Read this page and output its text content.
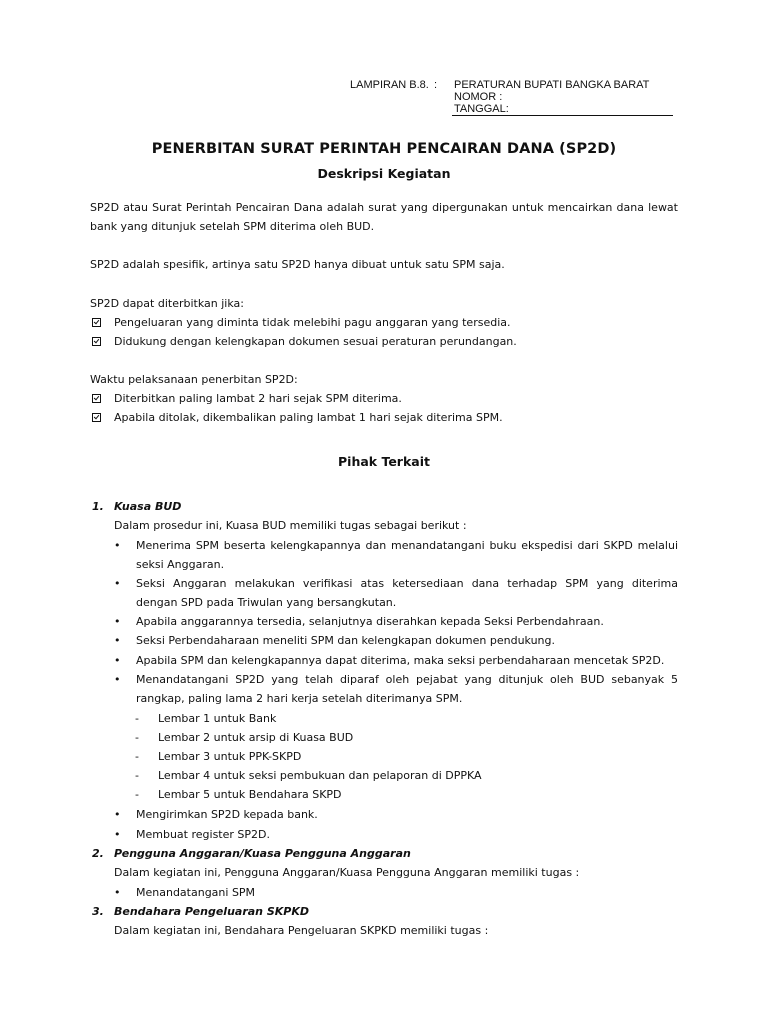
LAMPIRAN B.8. : PERATURAN BUPATI BANGKA BARAT
NOMOR :
TANGGAL:
PENERBITAN SURAT PERINTAH PENCAIRAN DANA (SP2D)
Deskripsi Kegiatan
SP2D atau Surat Perintah Pencairan Dana adalah surat yang dipergunakan untuk mencairkan dana lewat
bank yang ditunjuk setelah SPM diterima oleh BUD.
SP2D adalah spesifik, artinya satu SP2D hanya dibuat untuk satu SPM saja.
SP2D dapat diterbitkan jika:
Pengeluaran yang diminta tidak melebihi pagu anggaran yang tersedia.
Didukung dengan kelengkapan dokumen sesuai peraturan perundangan.
Waktu pelaksanaan penerbitan SP2D:
Diterbitkan paling lambat 2 hari sejak SPM diterima.
Apabila ditolak, dikembalikan paling lambat 1 hari sejak diterima SPM.
Pihak Terkait
1. Kuasa BUD
Dalam prosedur ini, Kuasa BUD memiliki tugas sebagai berikut :
• Menerima SPM beserta kelengkapannya dan menandatangani buku ekspedisi dari SKPD melalui
seksi Anggaran.
• Seksi Anggaran melakukan verifikasi atas ketersediaan dana terhadap SPM yang diterima
dengan SPD pada Triwulan yang bersangkutan.
• Apabila anggarannya tersedia, selanjutnya diserahkan kepada Seksi Perbendahraan.
• Seksi Perbendaharaan meneliti SPM dan kelengkapan dokumen pendukung.
• Apabila SPM dan kelengkapannya dapat diterima, maka seksi perbendaharaan mencetak SP2D.
• Menandatangani SP2D yang telah diparaf oleh pejabat yang ditunjuk oleh BUD sebanyak 5
rangkap, paling lama 2 hari kerja setelah diterimanya SPM.
- Lembar 1 untuk Bank
- Lembar 2 untuk arsip di Kuasa BUD
- Lembar 3 untuk PPK-SKPD
- Lembar 4 untuk seksi pembukuan dan pelaporan di DPPKA
- Lembar 5 untuk Bendahara SKPD
• Mengirimkan SP2D kepada bank.
• Membuat register SP2D.
2. Pengguna Anggaran/Kuasa Pengguna Anggaran
Dalam kegiatan ini, Pengguna Anggaran/Kuasa Pengguna Anggaran memiliki tugas :
• Menandatangani SPM
3. Bendahara Pengeluaran SKPKD
Dalam kegiatan ini, Bendahara Pengeluaran SKPKD memiliki tugas :
